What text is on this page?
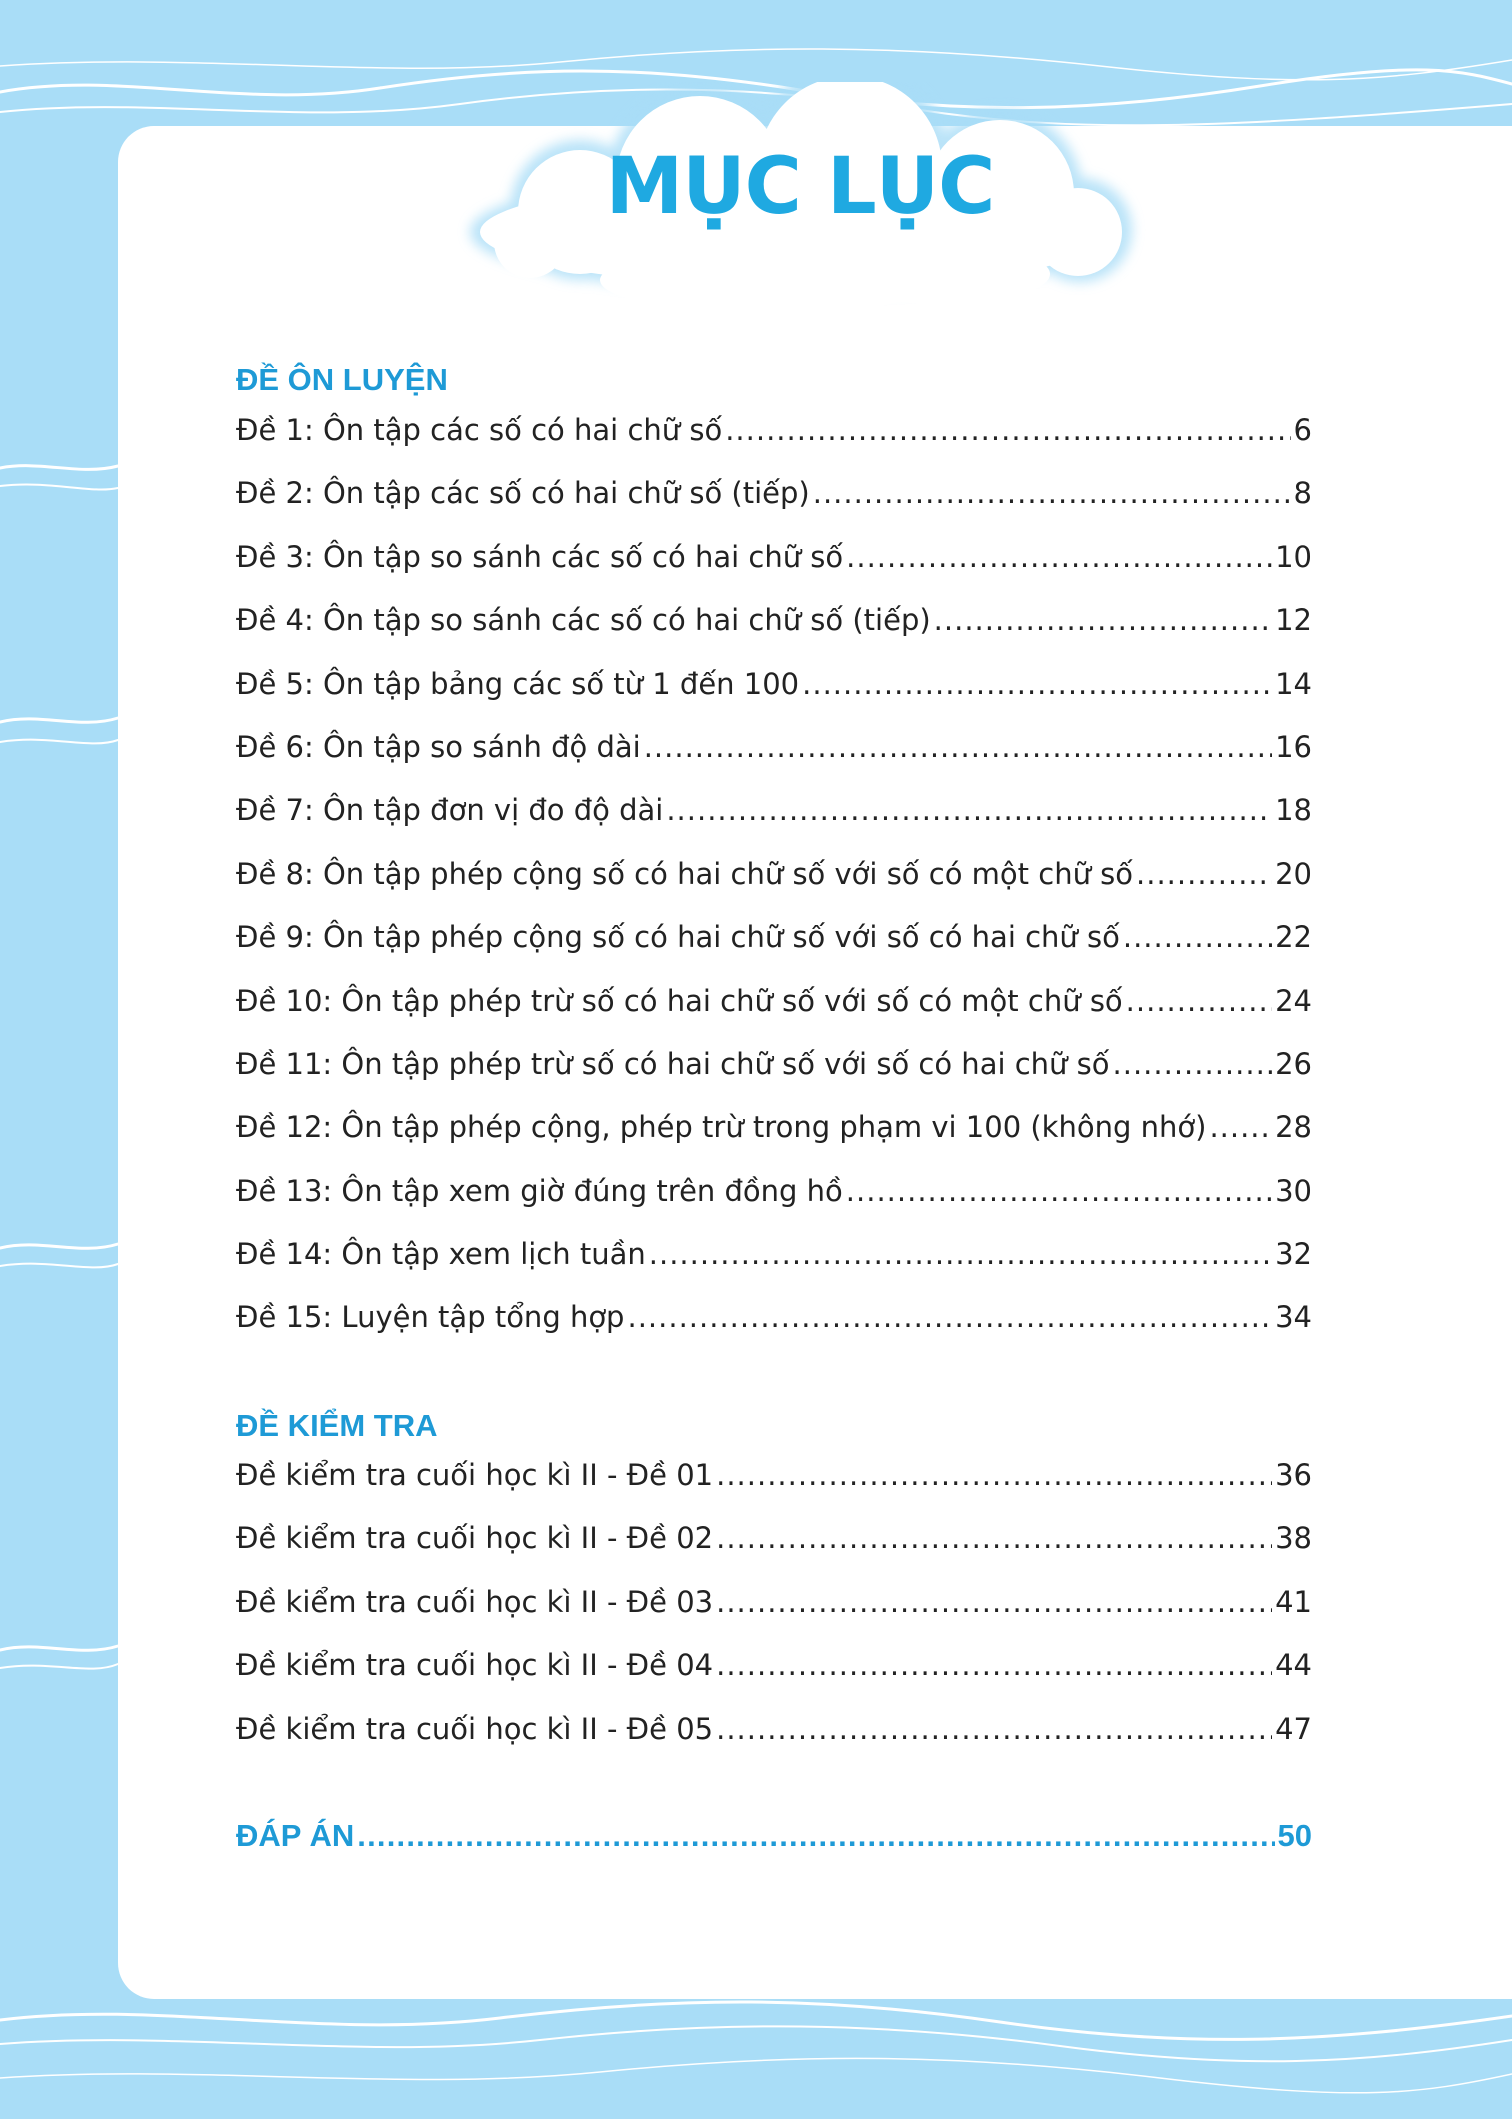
MỤC LỤC
ĐỀ ÔN LUYỆN
Đề 1: Ôn tập các số có hai chữ số .....	6
Đề 2: Ôn tập các số có hai chữ số (tiếp) .....	8
Đề 3: Ôn tập so sánh các số có hai chữ số .....	10
Đề 4: Ôn tập so sánh các số có hai chữ số (tiếp) .....	12
Đề 5: Ôn tập bảng các số từ 1 đến 100 .....	14
Đề 6: Ôn tập so sánh độ dài .....	16
Đề 7: Ôn tập đơn vị đo độ dài .....	18
Đề 8: Ôn tập phép cộng số có hai chữ số với số có một chữ số .....	20
Đề 9: Ôn tập phép cộng số có hai chữ số với số có hai chữ số .....	22
Đề 10: Ôn tập phép trừ số có hai chữ số với số có một chữ số .....	24
Đề 11: Ôn tập phép trừ số có hai chữ số với số có hai chữ số .....	26
Đề 12: Ôn tập phép cộng, phép trừ trong phạm vi 100 (không nhớ) ..... 28
Đề 13: Ôn tập xem giờ đúng trên đồng hồ .....	30
Đề 14: Ôn tập xem lịch tuần .....	32
Đề 15: Luyện tập tổng hợp .....	34
ĐỀ KIỂM TRA
Đề kiểm tra cuối học kì II - Đề 01 .....	36
Đề kiểm tra cuối học kì II - Đề 02 .....	38
Đề kiểm tra cuối học kì II - Đề 03 .....	41
Đề kiểm tra cuối học kì II - Đề 04 .....	44
Đề kiểm tra cuối học kì II - Đề 05 .....	47
ĐÁP ÁN .....	50
